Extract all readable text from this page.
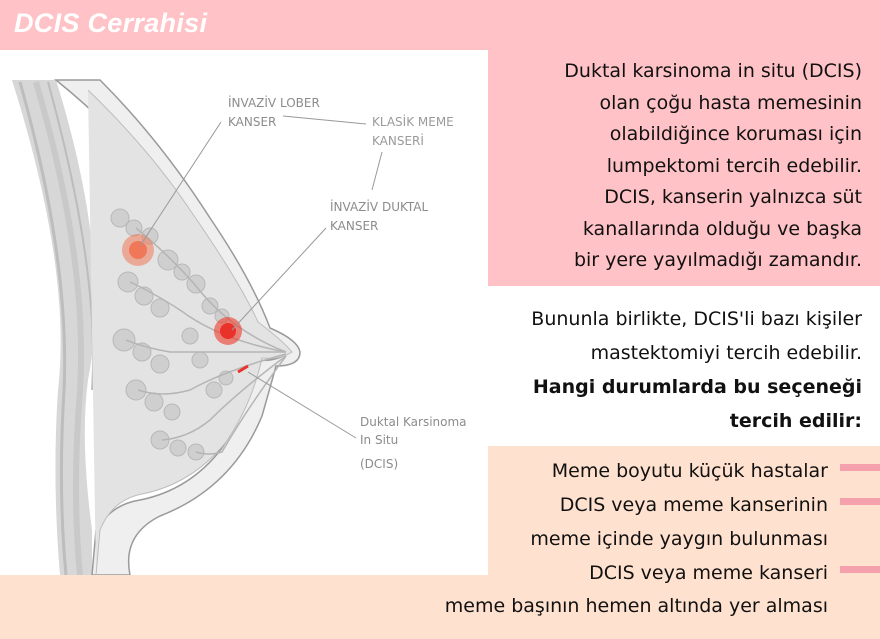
DCIS Cerrahisi
Duktal karsinoma in situ (DCIS)
olan çoğu hasta memesinin
olabildiğince koruması için
lumpektomi tercih edebilir.
DCIS, kanserin yalnızca süt
kanallarında olduğu ve başka
bir yere yayılmadığı zamandır.
Bununla birlikte, DCIS'li bazı kişiler
mastektomiyi tercih edebilir.
Hangi durumlarda bu seçeneği
tercih edilir:
Meme boyutu küçük hastalar
DCIS veya meme kanserinin
meme içinde yaygın bulunması
DCIS veya meme kanseri
meme başının hemen altında yer alması
İNVAZİV LOBER
KANSER	KLASİK MEME
KANSERİ
İNVAZİV DUKTAL
KANSER
Duktal Karsinoma
In Situ
(DCIS)
